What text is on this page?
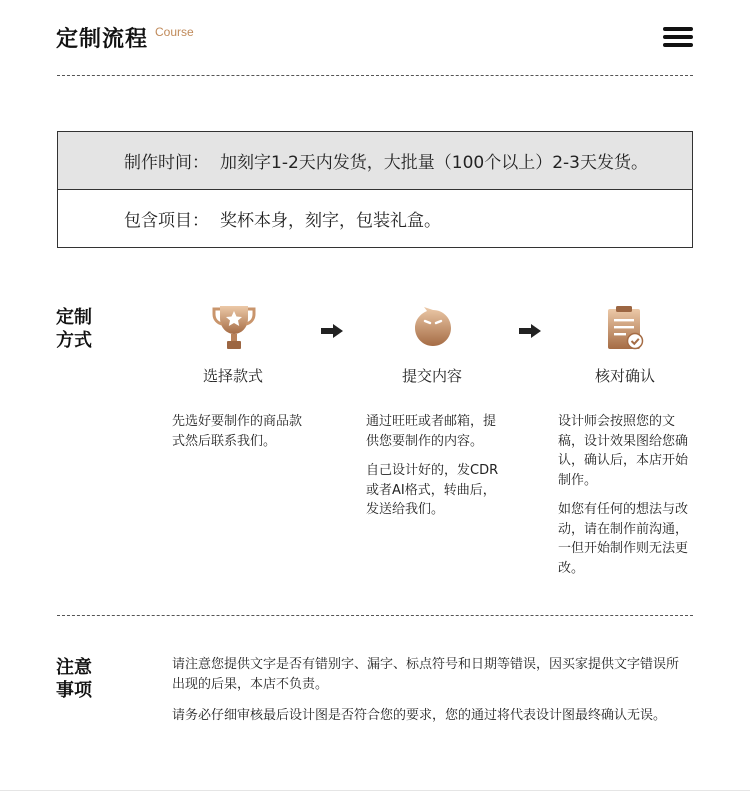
定制流程 Course
制作时间： 加刻字1-2天内发货，大批量（100个以上）2-3天发货。
包含项目： 奖杯本身，刻字，包装礼盒。
定制
方式
选择款式	提交内容	核对确认
先选好要制作的商品款
式然后联系我们。
通过旺旺或者邮箱，提
供您要制作的内容。
自己设计好的，发CDR
或者AI格式，转曲后，
发送给我们。
设计师会按照您的文
稿，设计效果图给您确
认，确认后，本店开始
制作。
如您有任何的想法与改
动，请在制作前沟通，
一但开始制作则无法更
改。
注意
事项
请注意您提供文字是否有错别字、漏字、标点符号和日期等错误，因买家提供文字错误所
出现的后果，本店不负责。
请务必仔细审核最后设计图是否符合您的要求，您的通过将代表设计图最终确认无误。
